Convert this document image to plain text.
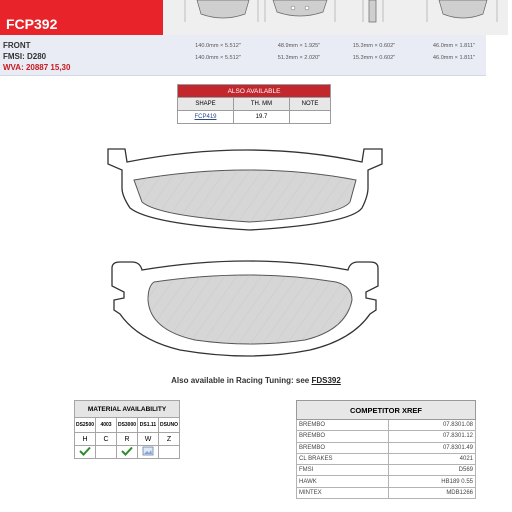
FCP392
FRONT
FMSI: D280
WVA: 20887 15,30
140.0mm × 5.512"	48.9mm × 1.925"	15.3mm × 0.602"	46.0mm × 1.811"
140.0mm × 5.512"	51.3mm × 2.020"	15.3mm × 0.602"	46.0mm × 1.811"
ALSO AVAILABLE		
SHAPE	TH. MM	NOTE
FCP419	19.7	
Also available in Racing Tuning: see FDS392
MATERIAL AVAILABILITY				
DS2500	4003	DS3000	DS1.11	DSUNO
H	C	R	W	Z

COMPETITOR XREF	
BREMBO	07.8301.08
BREMBO	07.8301.12
BREMBO	07.8301.49
CL BRAKES	4021
FMSI	D569
HAWK	HB189 0.55
MINTEX	MDB1266
